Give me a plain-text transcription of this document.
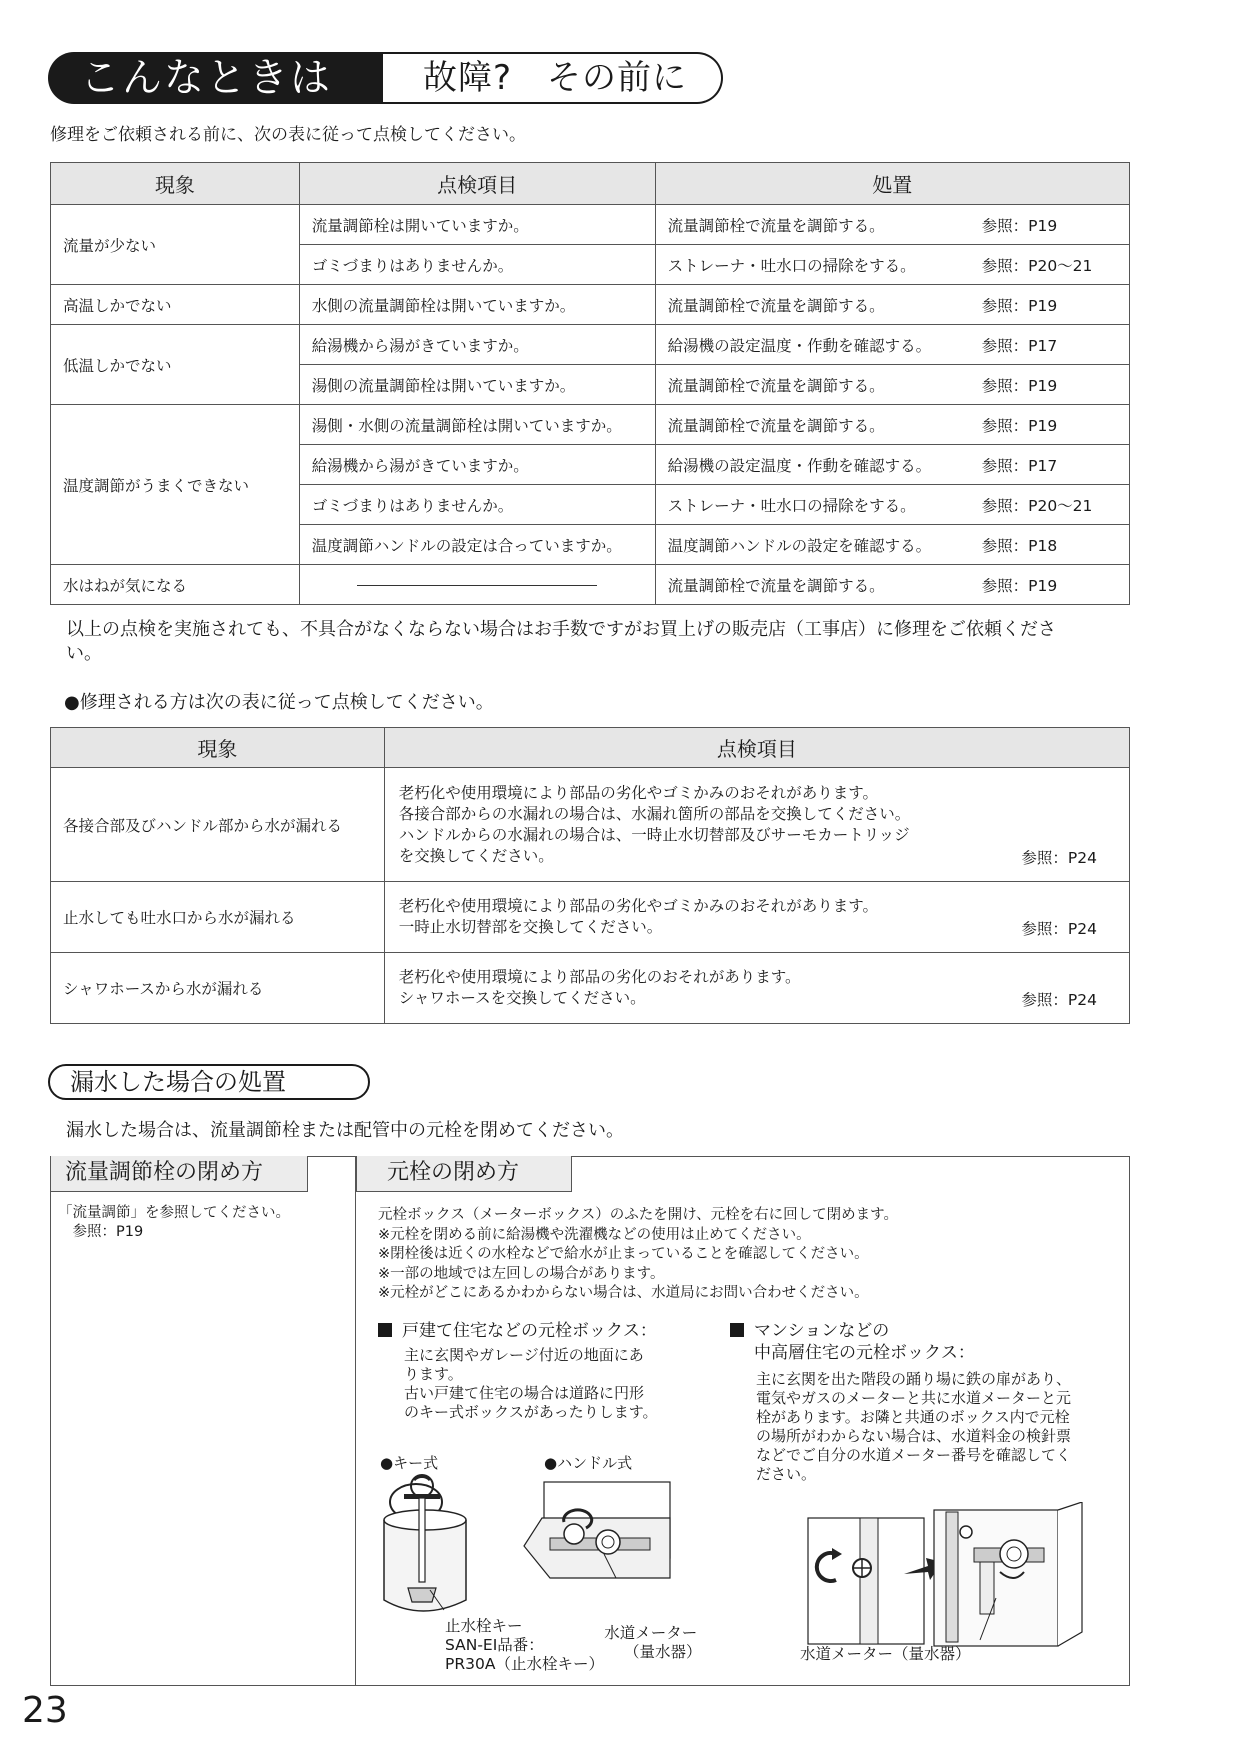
こんなときは	故障?　その前に
修理をご依頼される前に、次の表に従って点検してください。
現象	点検項目	処置
流量が少ない	流量調節栓は開いていますか。	流量調節栓で流量を調節する。 参照：P19

	ゴミづまりはありませんか。	ストレーナ・吐水口の掃除をする。 参照：P20～21

高温しかでない	水側の流量調節栓は開いていますか。	流量調節栓で流量を調節する。 参照：P19

低温しかでない	給湯機から湯がきていますか。	給湯機の設定温度・作動を確認する。 参照：P17

	湯側の流量調節栓は開いていますか。	流量調節栓で流量を調節する。 参照：P19

温度調節がうまくできない	湯側・水側の流量調節栓は開いていますか。	流量調節栓で流量を調節する。 参照：P19

	給湯機から湯がきていますか。	給湯機の設定温度・作動を確認する。 参照：P17

	ゴミづまりはありませんか。	ストレーナ・吐水口の掃除をする。 参照：P20～21

	温度調節ハンドルの設定は合っていますか。	温度調節ハンドルの設定を確認する。 参照：P18

水はねが気になる		流量調節栓で流量を調節する。 参照：P19
以上の点検を実施されても、不具合がなくならない場合はお手数ですがお買上げの販売店（工事店）に修理をご依頼ください。
●修理される方は次の表に従って点検してください。
現象	点検項目
各接合部及びハンドル部から水が漏れる	老朽化や使用環境により部品の劣化やゴミかみのおそれがあります。
各接合部からの水漏れの場合は、水漏れ箇所の部品を交換してください。
ハンドルからの水漏れの場合は、一時止水切替部及びサーモカートリッジ
を交換してください。 参照：P24

止水しても吐水口から水が漏れる	老朽化や使用環境により部品の劣化やゴミかみのおそれがあります。
一時止水切替部を交換してください。 参照：P24

シャワホースから水が漏れる	老朽化や使用環境により部品の劣化のおそれがあります。
シャワホースを交換してください。 参照：P24
漏水した場合の処置
漏水した場合は、流量調節栓または配管中の元栓を閉めてください。
流量調節栓の閉め方	元栓の閉め方
「流量調節」を参照してください。
　参照：P19
元栓ボックス（メーターボックス）のふたを開け、元栓を右に回して閉めます。
※元栓を閉める前に給湯機や洗濯機などの使用は止めてください。
※閉栓後は近くの水栓などで給水が止まっていることを確認してください。
※一部の地域では左回しの場合があります。
※元栓がどこにあるかわからない場合は、水道局にお問い合わせください。
戸建て住宅などの元栓ボックス：
主に玄関やガレージ付近の地面にあ
ります。
古い戸建て住宅の場合は道路に円形
のキー式ボックスがあったりします。
●キー式	●ハンドル式
止水栓キー
SAN-EI品番：
PR30A（止水栓キー）
水道メーター
（量水器）
マンションなどの
中高層住宅の元栓ボックス：
主に玄関を出た階段の踊り場に鉄の扉があり、
電気やガスのメーターと共に水道メーターと元
栓があります。お隣と共通のボックス内で元栓
の場所がわからない場合は、水道料金の検針票
などでご自分の水道メーター番号を確認してく
ださい。
水道メーター（量水器）
23
